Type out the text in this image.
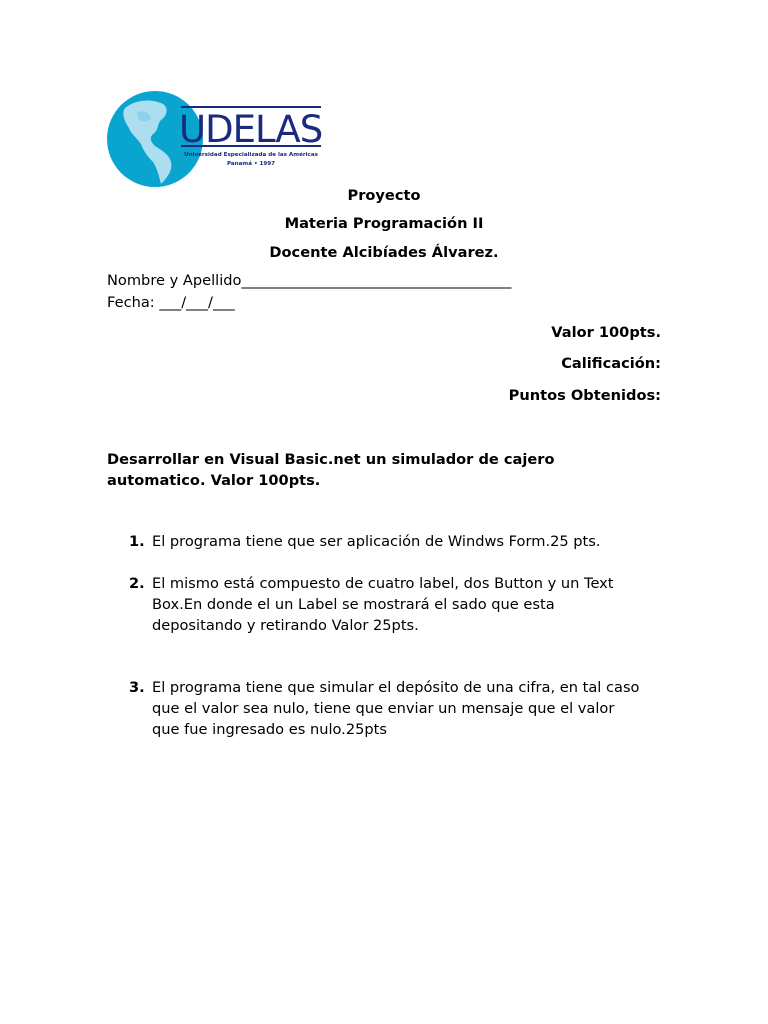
UDELAS
Universidad Especializada de las Américas
Panamá • 1997
Proyecto
Materia Programación II
Docente Alcibíades Álvarez.
Nombre y Apellido_____________________________________
Fecha: ___/___/___
Valor 100pts.
Calificación:
Puntos Obtenidos:
Desarrollar en Visual Basic.net un simulador de cajero automatico. Valor 100pts.
1. El programa tiene que ser aplicación de Windws Form.25 pts.
2. El mismo está compuesto de cuatro label, dos Button y un Text Box.En donde el un Label se mostrará el sado que esta depositando y retirando Valor 25pts.
3. El programa tiene que simular el depósito de una cifra, en tal caso que el valor sea nulo, tiene que enviar un mensaje que el valor que fue ingresado es nulo.25pts
